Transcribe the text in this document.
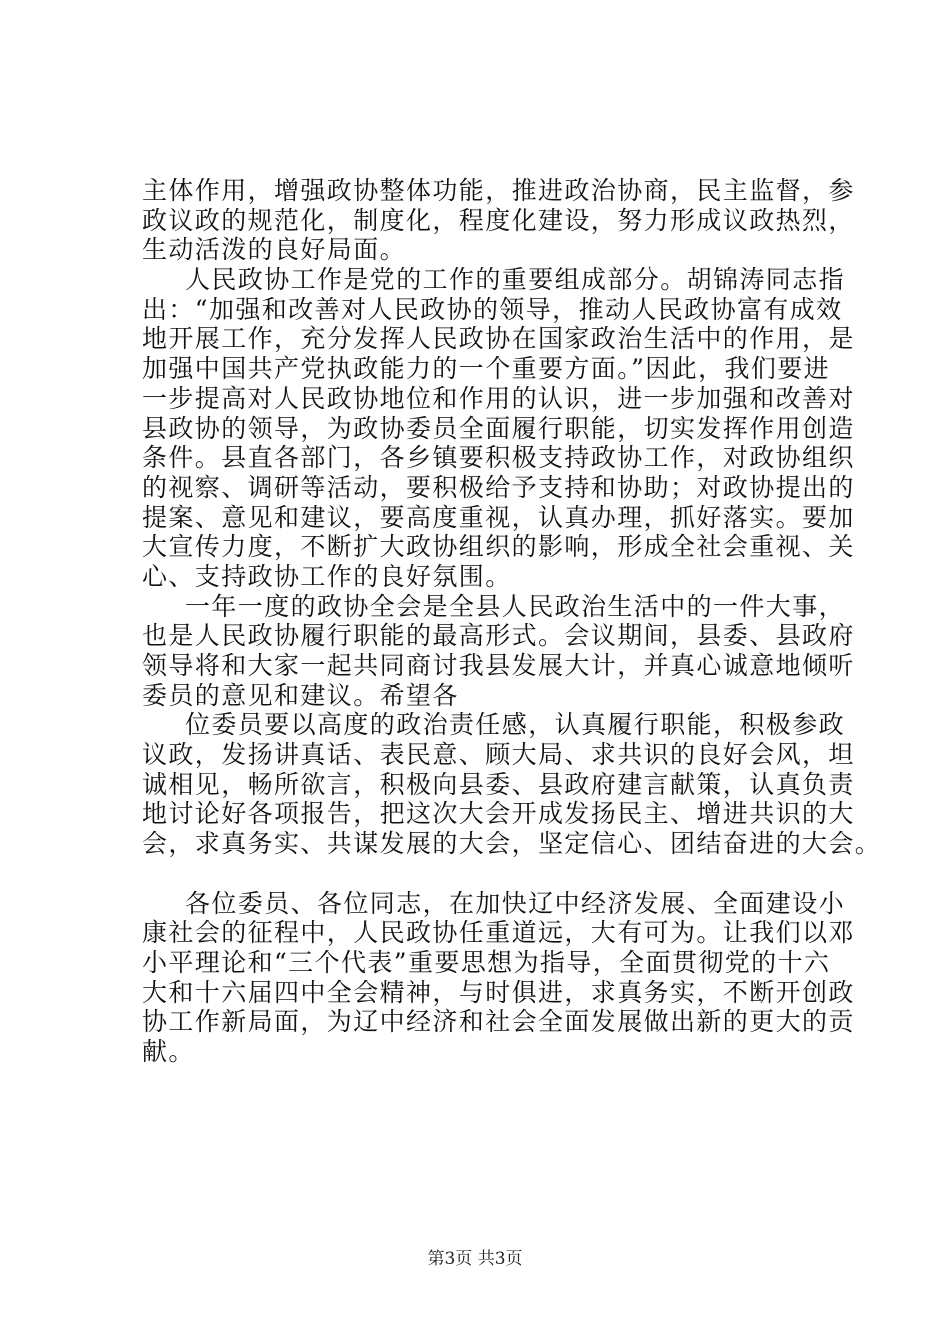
主体作用，增强政协整体功能，推进政治协商，民主监督，参
政议政的规范化，制度化，程度化建设，努力形成议政热烈，
生动活泼的良好局面。
人民政协工作是党的工作的重要组成部分。胡锦涛同志指
出：“加强和改善对人民政协的领导，推动人民政协富有成效
地开展工作，充分发挥人民政协在国家政治生活中的作用，是
加强中国共产党执政能力的一个重要方面。”因此，我们要进
一步提高对人民政协地位和作用的认识，进一步加强和改善对
县政协的领导，为政协委员全面履行职能，切实发挥作用创造
条件。县直各部门，各乡镇要积极支持政协工作，对政协组织
的视察、调研等活动，要积极给予支持和协助；对政协提出的
提案、意见和建议，要高度重视，认真办理，抓好落实。要加
大宣传力度，不断扩大政协组织的影响，形成全社会重视、关
心、支持政协工作的良好氛围。
一年一度的政协全会是全县人民政治生活中的一件大事，
也是人民政协履行职能的最高形式。会议期间，县委、县政府
领导将和大家一起共同商讨我县发展大计，并真心诚意地倾听
委员的意见和建议。希望各
位委员要以高度的政治责任感，认真履行职能，积极参政
议政，发扬讲真话、表民意、顾大局、求共识的良好会风，坦
诚相见，畅所欲言，积极向县委、县政府建言献策，认真负责
地讨论好各项报告，把这次大会开成发扬民主、增进共识的大
会，求真务实、共谋发展的大会，坚定信心、团结奋进的大会。
各位委员、各位同志，在加快辽中经济发展、全面建设小
康社会的征程中，人民政协任重道远，大有可为。让我们以邓
小平理论和“三个代表”重要思想为指导，全面贯彻党的十六
大和十六届四中全会精神，与时俱进，求真务实，不断开创政
协工作新局面，为辽中经济和社会全面发展做出新的更大的贡
献。
第3页 共3页
